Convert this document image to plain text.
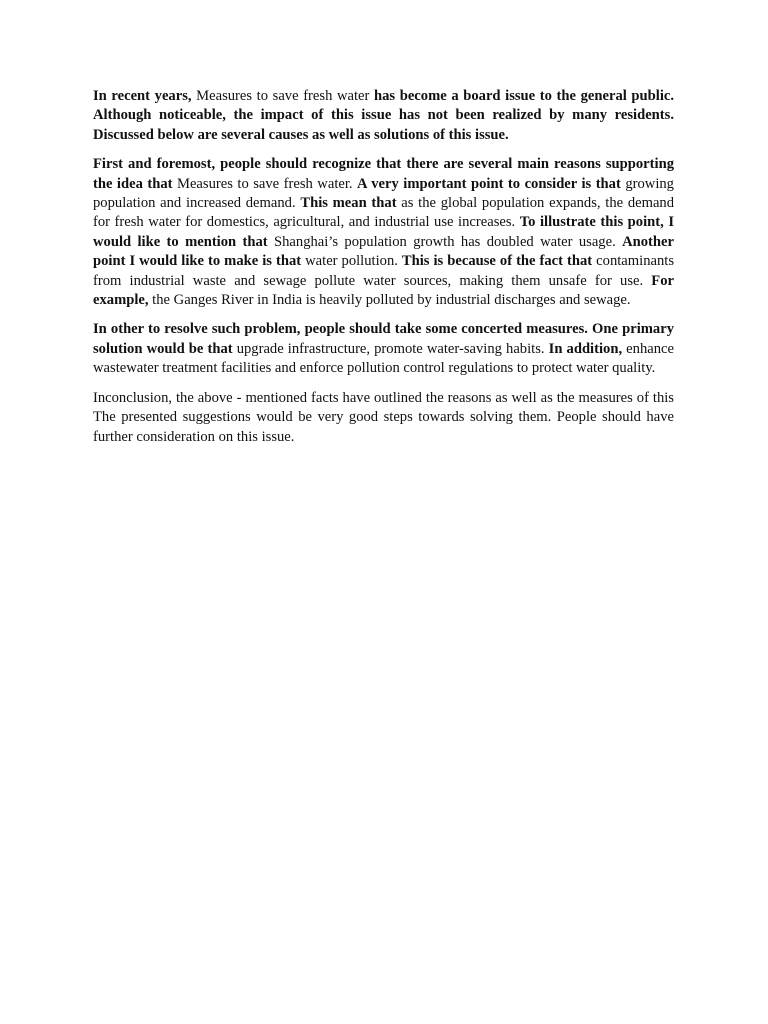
In recent years, Measures to save fresh water has become a board issue to the general public. Although noticeable, the impact of this issue has not been realized by many residents. Discussed below are several causes as well as solutions of this issue.

First and foremost, people should recognize that there are several main reasons supporting the idea that Measures to save fresh water. A very important point to consider is that growing population and increased demand. This mean that as the global population expands, the demand for fresh water for domestics, agricultural, and industrial use increases. To illustrate this point, I would like to mention that Shanghai’s population growth has doubled water usage. Another point I would like to make is that water pollution. This is because of the fact that contaminants from industrial waste and sewage pollute water sources, making them unsafe for use. For example, the Ganges River in India is heavily polluted by industrial discharges and sewage.

In other to resolve such problem, people should take some concerted measures. One primary solution would be that upgrade infrastructure, promote water-saving habits. In addition, enhance wastewater treatment facilities and enforce pollution control regulations to protect water quality.

Inconclusion, the above - mentioned facts have outlined the reasons as well as the measures of this The presented suggestions would be very good steps towards solving them. People should have further consideration on this issue.
